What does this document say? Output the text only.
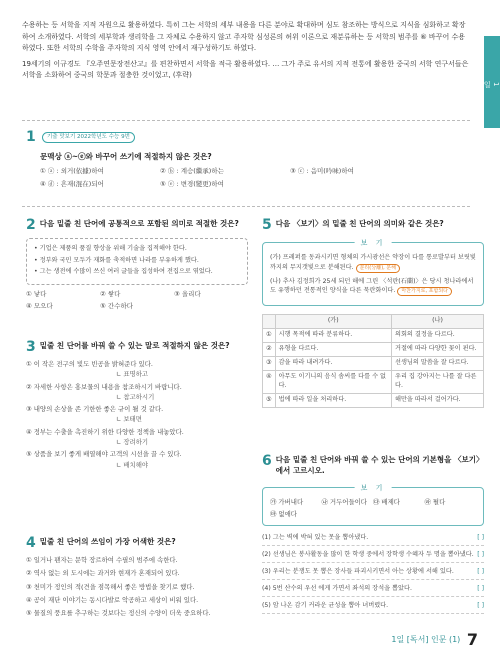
1
일
독서
인문
(1)

수용하는 등 서학을 지적 자원으로 활용하였다. 특히 그는 서학의 세부 내용을 다른 분야로 확대하며 심도 참조하는 방식으로 지식을 심화하고 확장하여 소개하였다. 서학의 세부학과 생리학을 그 자체로 수용하지 않고 주자학 심성론의 허위 이론으로 재분류하는 등 서학의 범주를 ⑥ 바꾸어 수용하였다. 또한 서학의 수학을 주자학의 지식 영역 안에서 재구성하기도 하였다.

19세기의 이규경도 『오주연문장전산고』를 편찬하면서 서학을 적극 활용하였다. … 그가 주로 유서의 지적 전통에 활용한 중국의 서학 연구서들은 서학을 소화하여 중국의 학문과 절충한 것이었고, (후략)

1 기출 맛보기 2022학년도 수능 9번
문맥상 ⓐ~ⓔ와 바꾸어 쓰기에 적절하지 않은 것은?
① ⓐ : 외거(依據)하여	② ⓑ : 계승(繼承)하는	③ ⓒ : 음미(吟味)하여
④ ⓓ : 흔재(混在)되어	⑤ ⓔ : 변경(變更)하여
2 다음 밑줄 친 단어에 공통적으로 포함된 의미로 적절한 것은?

• 기업은 제품의 품질 향상을 위해 기술을 집적해야 한다.

• 정부와 국민 모두가 재화를 축적하면 나라를 부유하게 했다.

• 그는 생전에 수많이 쓰신 여러 글들을 집성하여 전집으로 엮었다.

① 낳다	② 쌓다	③ 올리다
④ 모으다	⑤ 간수하다
3 밑줄 친 단어를 바꿔 쓸 수 있는 말로 적절하지 않은 것은?
① 이 작은 전구의 빛도 빈공을 밝혀준다 있다.
∟ 표명하고
② 자세한 사항은 홍보물의 내용을 참조하시기 바랍니다.
∟ 참고하시기
③ 내양의 손상을 존 기한한 좋은 규이 될 것 같다.
∟ 보태면
④ 정부는 수출을 촉진하기 위한 다양한 정책을 내놓았다.
∟ 장려하기
⑤ 상품을 보기 좋게 배열해야 고객의 시선을 끌 수 있다.
∟ 배치해야
4 밑줄 친 단어의 쓰임이 가장 어색한 것은?
① 일거나 팬자는 문학 장르하여 수필의 범주에 속한다.
② 역사 없는 외 도시에는 과거와 현재가 혼재되어 있다.
③ 천미가 정인의 적(견을 점목해서 좋은 방법을 찾기로 했다.
④ 공이 재단 이야기는 동시다발로 악공하고 세상이 비워 있다.
⑤ 물질의 풍요를 추구하는 것보다는 정신의 수양이 더욱 중요하다.
5 다음 〈보기〉의 밑줄 친 단어의 의미와 같은 것은?
보 기

(가) 프레퍼를 동과시키면 형체의 가시광선은 약장이 다를 통로발부터 보릿빛까지의 무지갯빛으로 분해된다. 분리(分離), 분해

(나) 추사 김정희가 25세 되던 해에 그린 〈석란(石蘭)〉은 당시 청나라에서도 유행하던 전통적인 양식을 다른 묵란화이다. 마찬가지로, 포함되다

	(가)	(나)
①	시행 목적에 따라 분류하다.	의회의 결정을 다르다.
②	유형을 다르다.	거절에 따라 다양한 꽃이 핀다.
③	감을 따라 내려가다.	선생님의 말씀을 잘 다르다.
④	아무도 이기니의 음식 솜씨를 다를 수 없다.	우리 집 강아지는 나를 잘 다른다.
⑤	법에 따라 일을 처리하다.	해만을 따라서 걸어가다.
6 다음 밑줄 친 단어와 바꿔 쓸 수 있는 단어의 기본형을 〈보기〉에서 고르시오.
보 기
㉮ 가버내다	㉯ 거두어들이다 ㉰ 배제다	㉱ 펼다
㉲ 없애다
(1) 그는 벽에 박혀 있는 못을 뽑아냈다.	[ ]
(2) 선생님은 봉사활동을 많이 한 학생 중에서 장학생 수혜자 두 명을 뽑아냈다. [ ]
(3) 우리는 분쟁도 못 뽑은 장사들 파괴시키면서 아는 상황에 서해 있다.	[ ]
(4) 5번 산수의 우선 에게 가면서 좌석의 장석을 뽑았다.	[ ]
(5) 암 나온 감기 커라운 균성을 뽑아 녀버렸다.	[ ]
1일 [독서] 인문 (1) 7
